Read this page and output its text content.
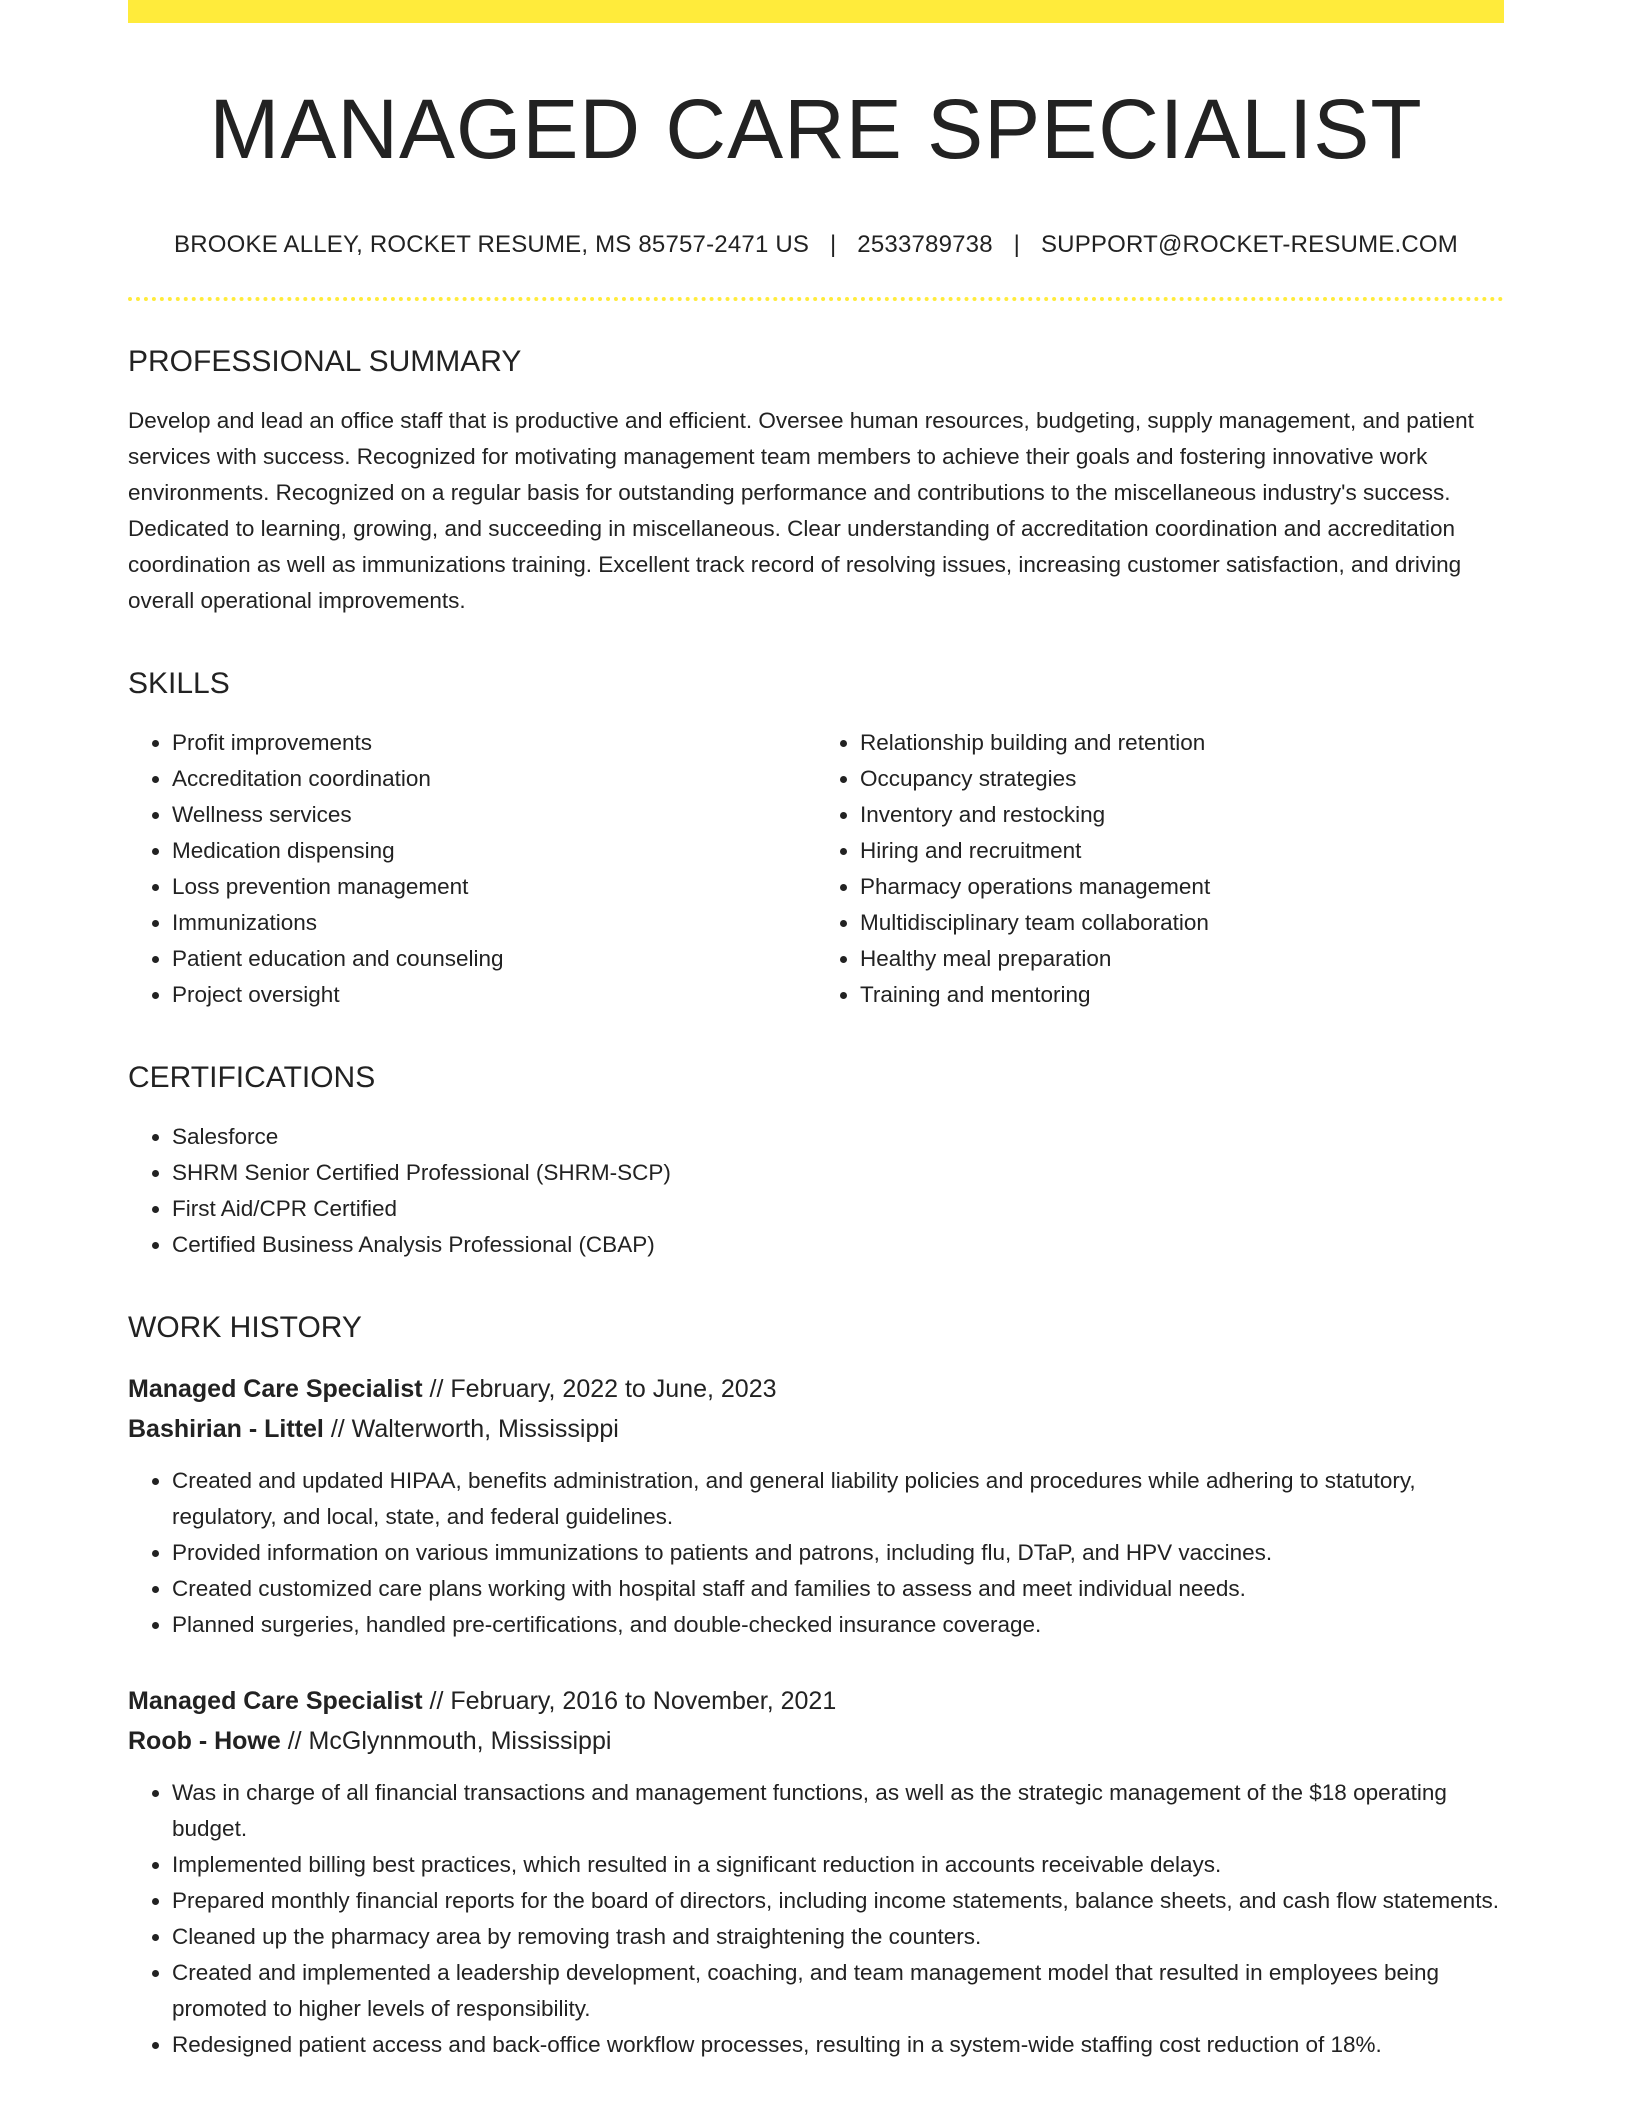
MANAGED CARE SPECIALIST
BROOKE ALLEY, ROCKET RESUME, MS 85757-2471 US | 2533789738 | SUPPORT@ROCKET-RESUME.COM
PROFESSIONAL SUMMARY

Develop and lead an office staff that is productive and efficient. Oversee human resources, budgeting, supply management, and patient services with success. Recognized for motivating management team members to achieve their goals and fostering innovative work environments. Recognized on a regular basis for outstanding performance and contributions to the miscellaneous industry's success. Dedicated to learning, growing, and succeeding in miscellaneous. Clear understanding of accreditation coordination and accreditation coordination as well as immunizations training. Excellent track record of resolving issues, increasing customer satisfaction, and driving overall operational improvements.

SKILLS
• Profit improvements
• Accreditation coordination
• Wellness services
• Medication dispensing
• Loss prevention management
• Immunizations
• Patient education and counseling
• Project oversight
• Relationship building and retention
• Occupancy strategies
• Inventory and restocking
• Hiring and recruitment
• Pharmacy operations management
• Multidisciplinary team collaboration
• Healthy meal preparation
• Training and mentoring
CERTIFICATIONS
• Salesforce
• SHRM Senior Certified Professional (SHRM-SCP)
• First Aid/CPR Certified
• Certified Business Analysis Professional (CBAP)
WORK HISTORY
Managed Care Specialist // February, 2022 to June, 2023
Bashirian - Littel // Walterworth, Mississippi
• Created and updated HIPAA, benefits administration, and general liability policies and procedures while adhering to statutory, regulatory, and local, state, and federal guidelines.
• Provided information on various immunizations to patients and patrons, including flu, DTaP, and HPV vaccines.
• Created customized care plans working with hospital staff and families to assess and meet individual needs.
• Planned surgeries, handled pre-certifications, and double-checked insurance coverage.
Managed Care Specialist // February, 2016 to November, 2021
Roob - Howe // McGlynnmouth, Mississippi
• Was in charge of all financial transactions and management functions, as well as the strategic management of the $18 operating budget.
• Implemented billing best practices, which resulted in a significant reduction in accounts receivable delays.
• Prepared monthly financial reports for the board of directors, including income statements, balance sheets, and cash flow statements.
• Cleaned up the pharmacy area by removing trash and straightening the counters.
• Created and implemented a leadership development, coaching, and team management model that resulted in employees being promoted to higher levels of responsibility.
• Redesigned patient access and back-office workflow processes, resulting in a system-wide staffing cost reduction of 18%.
